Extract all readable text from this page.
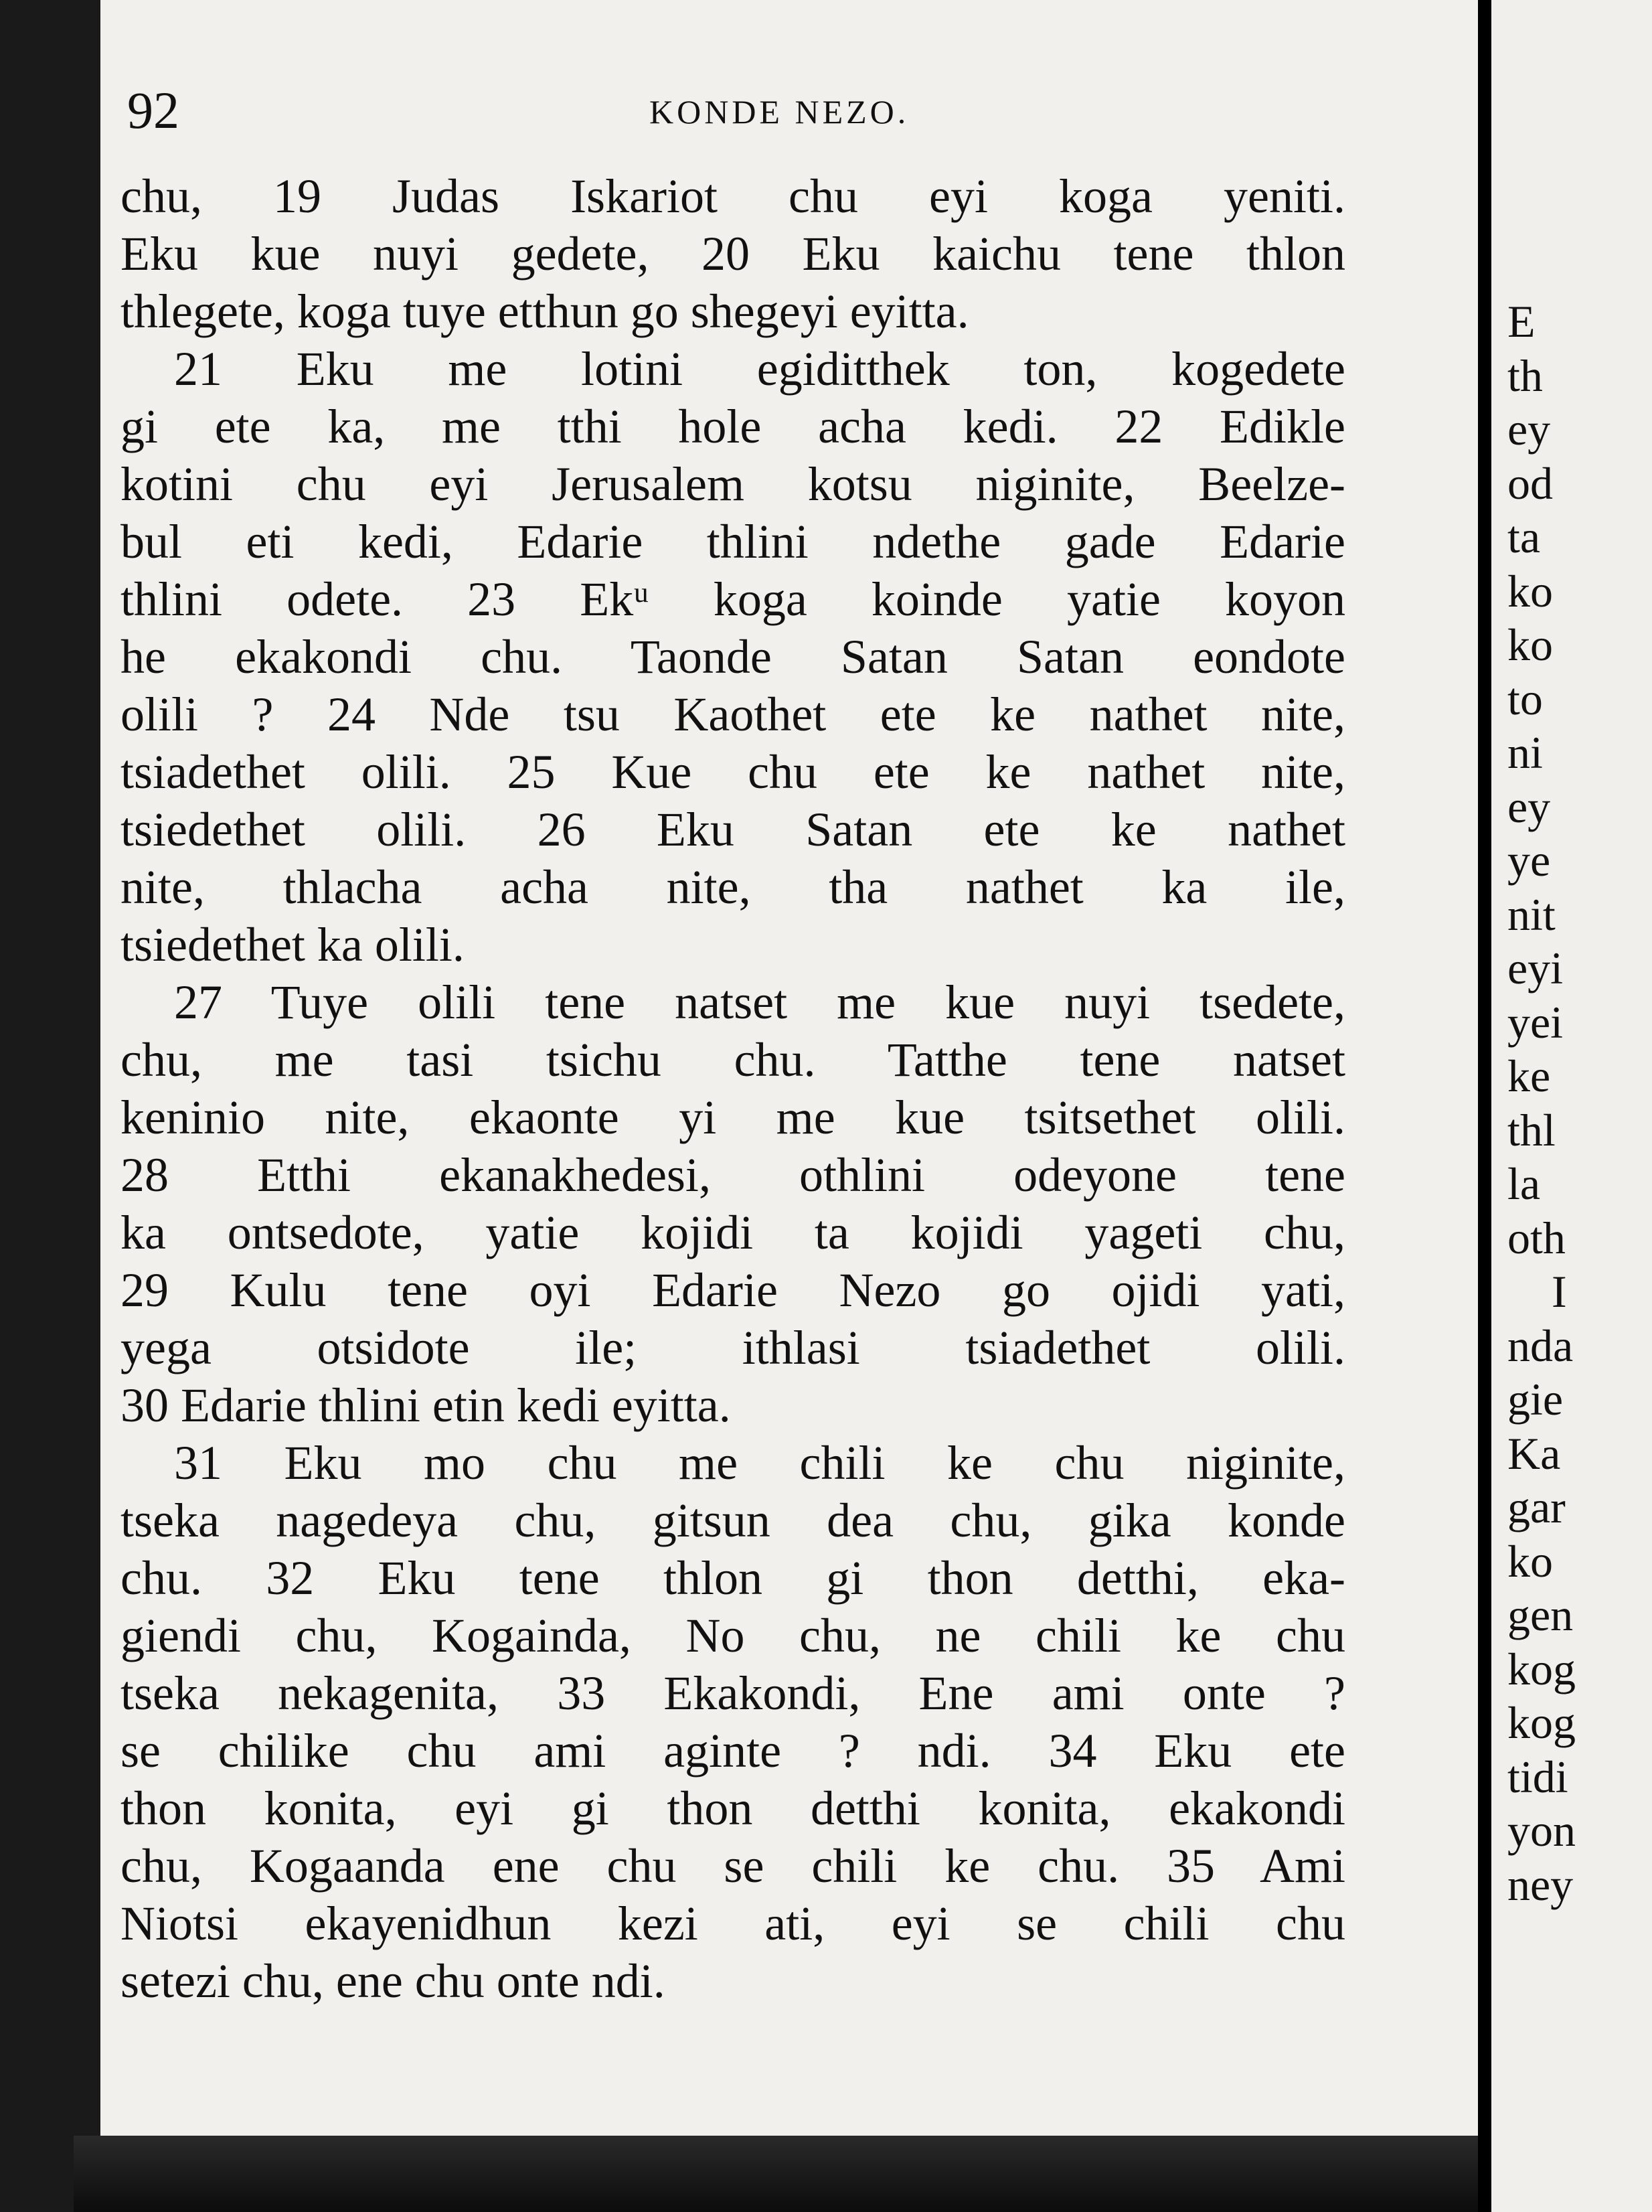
92	KONDE NEZO.
chu, 19 Judas Iskariot chu eyi koga yeniti.
Eku kue nuyi gedete, 20 Eku kaichu tene thlon
thlegete, koga tuye etthun go shegeyi eyitta.
21 Eku me lotini egiditthek ton, kogedete
gi ete ka, me tthi hole acha kedi. 22 Edikle
kotini chu eyi Jerusalem kotsu niginite, Beelze-
bul eti kedi, Edarie thlini ndethe gade Edarie
thlini odete. 23 Ekᵘ koga koinde yatie koyon
he ekakondi chu. Taonde Satan Satan eondote
olili ? 24 Nde tsu Kaothet ete ke nathet nite,
tsiadethet olili. 25 Kue chu ete ke nathet nite,
tsiedethet olili. 26 Eku Satan ete ke nathet
nite, thlacha acha nite, tha nathet ka ile,
tsiedethet ka olili.
27 Tuye olili tene natset me kue nuyi tsedete,
chu, me tasi tsichu chu. Tatthe tene natset
keninio nite, ekaonte yi me kue tsitsethet olili.
28 Etthi ekanakhedesi, othlini odeyone tene
ka ontsedote, yatie kojidi ta kojidi yageti chu,
29 Kulu tene oyi Edarie Nezo go ojidi yati,
yega otsidote ile; ithlasi tsiadethet olili.
30 Edarie thlini etin kedi eyitta.
31 Eku mo chu me chili ke chu niginite,
tseka nagedeya chu, gitsun dea chu, gika konde
chu. 32 Eku tene thlon gi thon detthi, eka-
giendi chu, Kogainda, No chu, ne chili ke chu
tseka nekagenita, 33 Ekakondi, Ene ami onte ?
se chilike chu ami aginte ? ndi. 34 Eku ete
thon konita, eyi gi thon detthi konita, ekakondi
chu, Kogaanda ene chu se chili ke chu. 35 Ami
Niotsi ekayenidhun kezi ati, eyi se chili chu
setezi chu, ene chu onte ndi.
E
th
ey
od
ta
ko
ko
to
ni
ey
ye
nit
eyi
yei
ke
thl
la
oth
I
nda
gie
Ka
gar
ko
gen
kog
kog
tidi
yon
ney
